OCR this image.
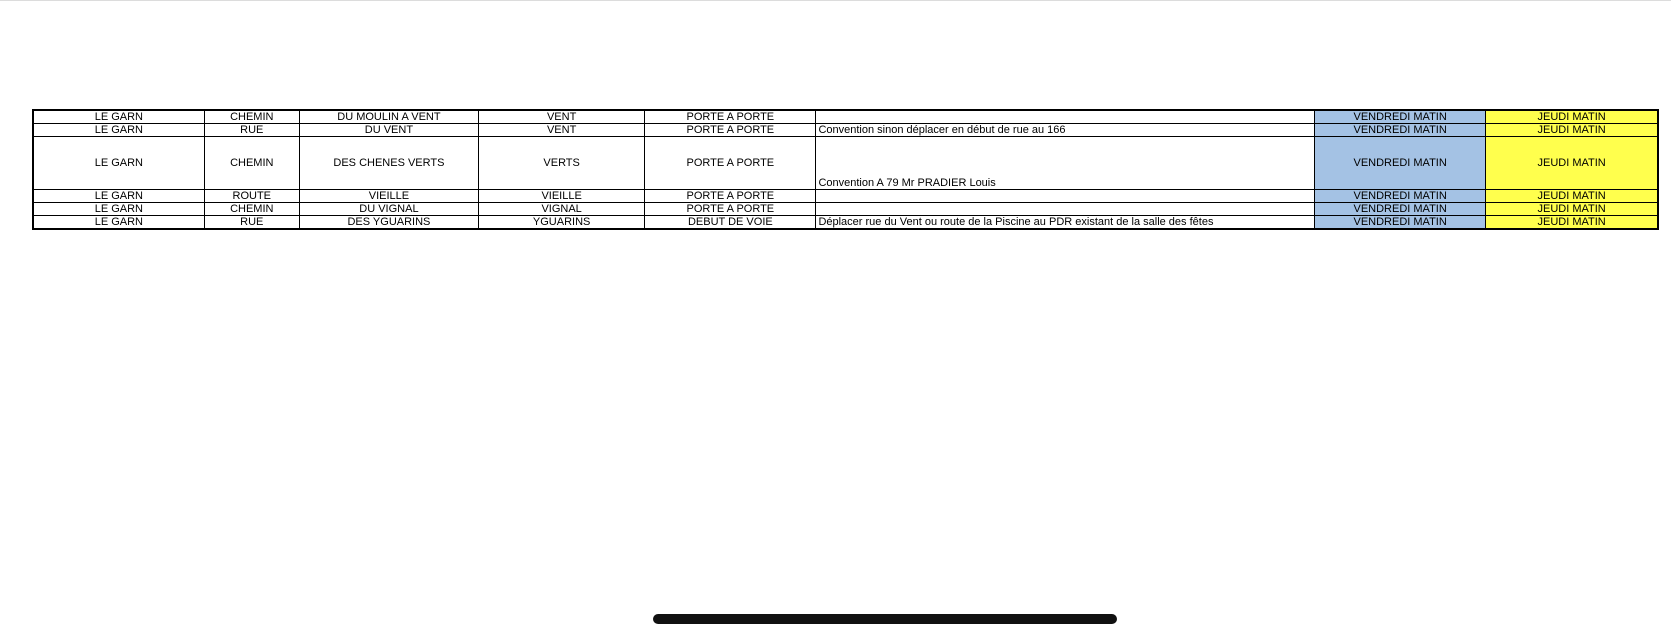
LE GARN	CHEMIN	DU MOULIN A VENT	VENT	PORTE A PORTE		VENDREDI MATIN	JEUDI MATIN
LE GARN	RUE	DU VENT	VENT	PORTE A PORTE	Convention sinon déplacer en début de rue au 166	VENDREDI MATIN	JEUDI MATIN
LE GARN	CHEMIN	DES CHENES VERTS	VERTS	PORTE A PORTE	Convention A 79 Mr PRADIER Louis	VENDREDI MATIN	JEUDI MATIN
LE GARN	ROUTE	VIEILLE	VIEILLE	PORTE A PORTE		VENDREDI MATIN	JEUDI MATIN
LE GARN	CHEMIN	DU VIGNAL	VIGNAL	PORTE A PORTE		VENDREDI MATIN	JEUDI MATIN
LE GARN	RUE	DES YGUARINS	YGUARINS	DEBUT DE VOIE	Déplacer rue du Vent ou route de la Piscine au PDR existant de la salle des fêtes	VENDREDI MATIN	JEUDI MATIN
